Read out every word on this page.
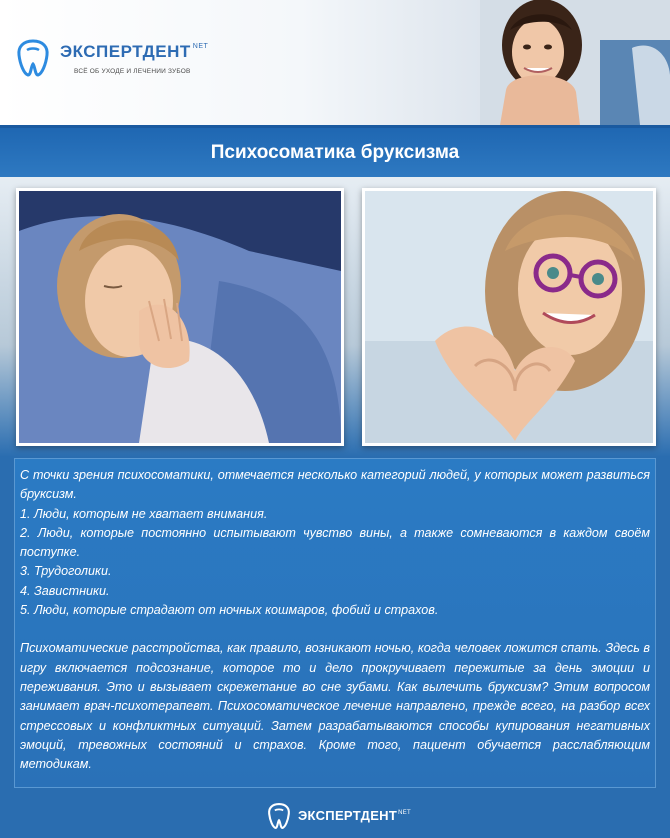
ЭКСПЕРТДЕНТ $^{NET}$
ВСЁ ОБ УХОДЕ И ЛЕЧЕНИИ ЗУБОВ
Психосоматика бруксизма

С точки зрения психосоматики, отмечается несколько категорий людей, у которых может развиться бруксизм.

1. Люди, которым не хватает внимания.

2. Люди, которые постоянно испытывают чувство вины, а также сомневаются в каждом своём поступке.

3. Трудоголики.

4. Завистники.

5. Люди, которые страдают от ночных кошмаров, фобий и страхов.

Психоматические расстройства, как правило, возникают ночью, когда человек ложится спать. Здесь в игру включается подсознание, которое то и дело прокручивает пережитые за день эмоции и переживания. Это и вызывает скрежетание во сне зубами. Как вылечить бруксизм? Этим вопросом занимает врач-психотерапевт. Психосоматическое лечение направлено, прежде всего, на разбор всех стрессовых и конфликтных ситуаций. Затем разрабатываются способы купирования негативных эмоций, тревожных состояний и страхов. Кроме того, пациент обучается расслабляющим методикам.

$ЭКСПЕРТДЕНТ^{NET}$
